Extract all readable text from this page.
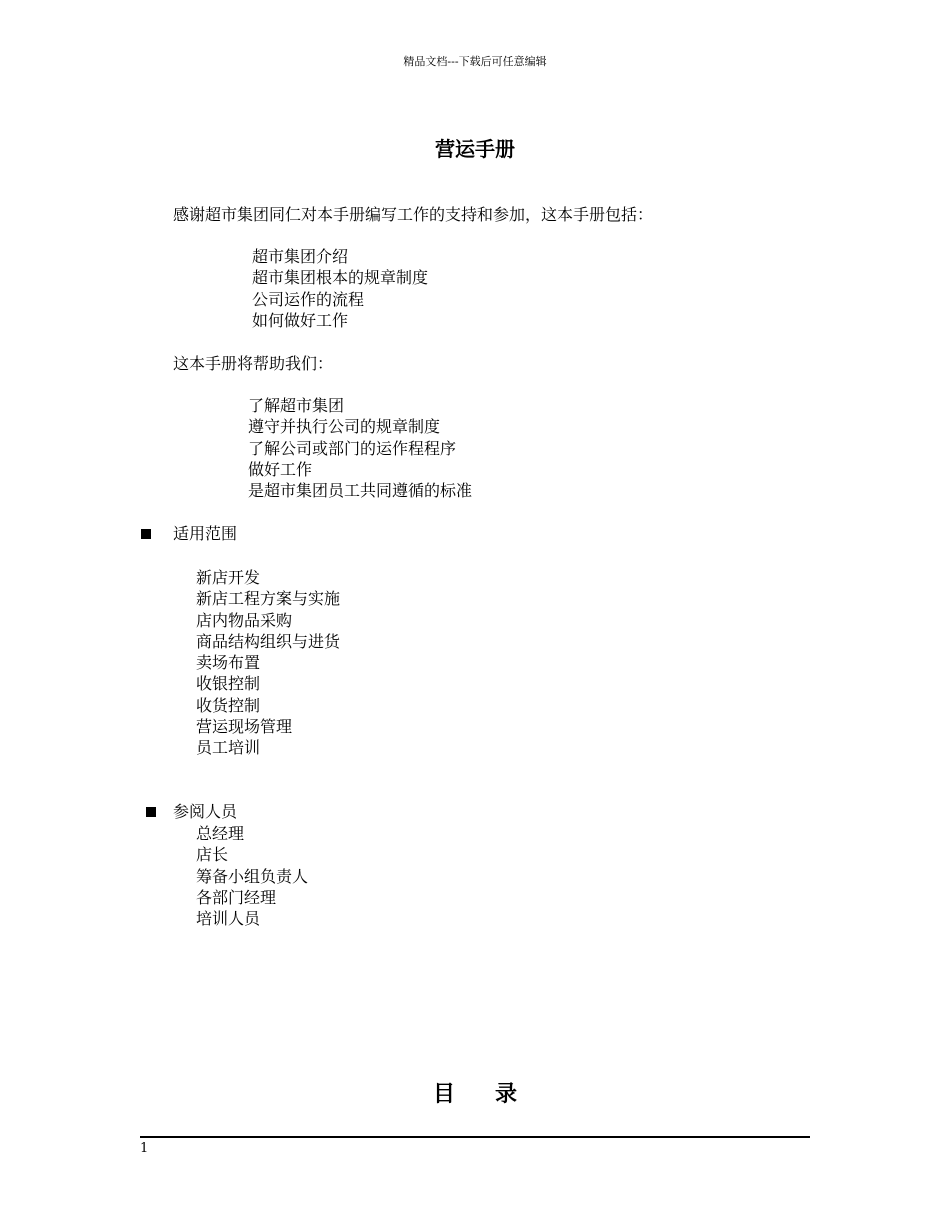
精品文档---下载后可任意编辑
营运手册
感谢超市集团同仁对本手册编写工作的支持和参加，这本手册包括：
超市集团介绍
超市集团根本的规章制度
公司运作的流程
如何做好工作
这本手册将帮助我们：
了解超市集团
遵守并执行公司的规章制度
了解公司或部门的运作程程序
做好工作
是超市集团员工共同遵循的标准
适用范围
新店开发
新店工程方案与实施
店内物品采购
商品结构组织与进货
卖场布置
收银控制
收货控制
营运现场管理
员工培训
参阅人员
总经理
店长
筹备小组负责人
各部门经理
培训人员
目录
1
